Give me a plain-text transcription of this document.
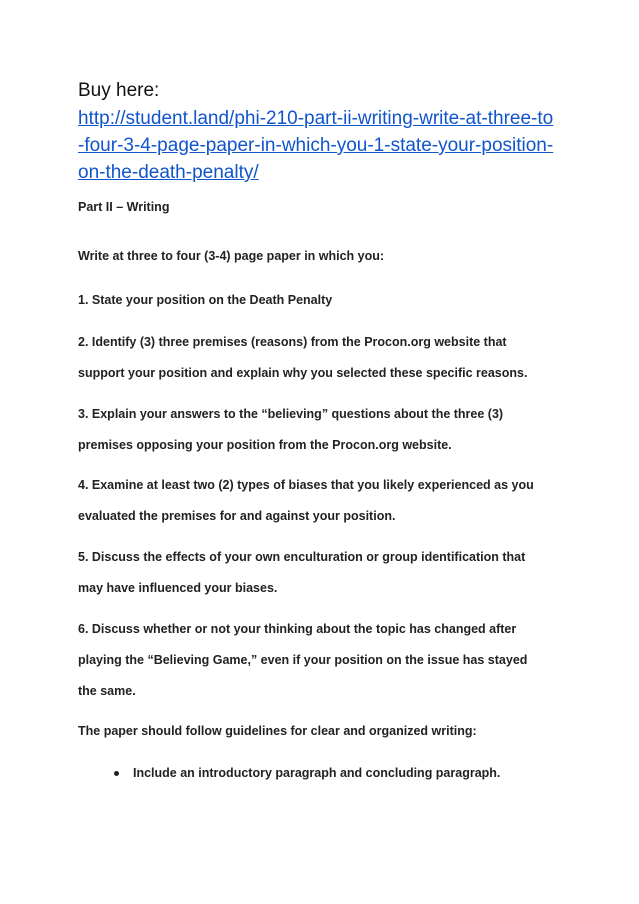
Buy here:

http://student.land/phi-210-part-ii-writing-write-at-three-to
-four-3-4-page-paper-in-which-you-1-state-your-position-
on-the-death-penalty/

Part II – Writing

Write at three to four (3-4) page paper in which you:

1. State your position on the Death Penalty
2. Identify (3) three premises (reasons) from the Procon.org website that
support your position and explain why you selected these specific reasons.
3. Explain your answers to the “believing” questions about the three (3)
premises opposing your position from the Procon.org website.
4. Examine at least two (2) types of biases that you likely experienced as you
evaluated the premises for and against your position.
5. Discuss the effects of your own enculturation or group identification that
may have influenced your biases.
6. Discuss whether or not your thinking about the topic has changed after
playing the “Believing Game,” even if your position on the issue has stayed
the same.

The paper should follow guidelines for clear and organized writing:

Include an introductory paragraph and concluding paragraph.
